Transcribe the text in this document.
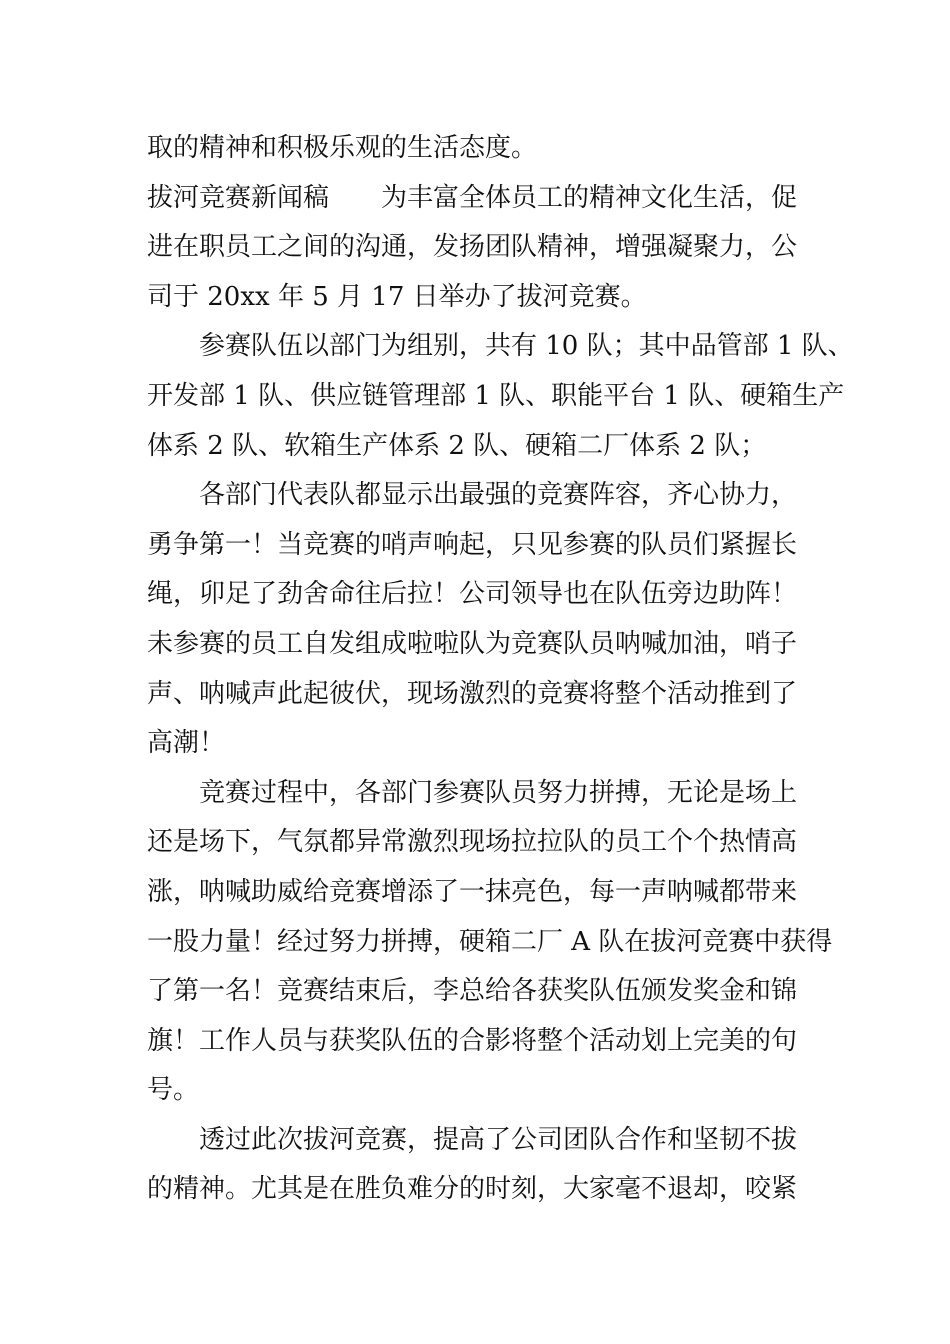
取的精神和积极乐观的生活态度。
拔河竞赛新闻稿 为丰富全体员工的精神文化生活，促
进在职员工之间的沟通，发扬团队精神，增强凝聚力，公
司于 20xx 年 5 月 17 日举办了拔河竞赛。
参赛队伍以部门为组别，共有 10 队；其中品管部 1 队、
开发部 1 队、供应链管理部 1 队、职能平台 1 队、硬箱生产
体系 2 队、软箱生产体系 2 队、硬箱二厂体系 2 队；
各部门代表队都显示出最强的竞赛阵容，齐心协力，
勇争第一！当竞赛的哨声响起，只见参赛的队员们紧握长
绳，卯足了劲舍命往后拉！公司领导也在队伍旁边助阵！
未参赛的员工自发组成啦啦队为竞赛队员呐喊加油，哨子
声、呐喊声此起彼伏，现场激烈的竞赛将整个活动推到了
高潮！
竞赛过程中，各部门参赛队员努力拼搏，无论是场上
还是场下，气氛都异常激烈现场拉拉队的员工个个热情高
涨，呐喊助威给竞赛增添了一抹亮色，每一声呐喊都带来
一股力量！经过努力拼搏，硬箱二厂 A 队在拔河竞赛中获得
了第一名！竞赛结束后，李总给各获奖队伍颁发奖金和锦
旗！工作人员与获奖队伍的合影将整个活动划上完美的句
号。
透过此次拔河竞赛，提高了公司团队合作和坚韧不拔
的精神。尤其是在胜负难分的时刻，大家毫不退却，咬紧
